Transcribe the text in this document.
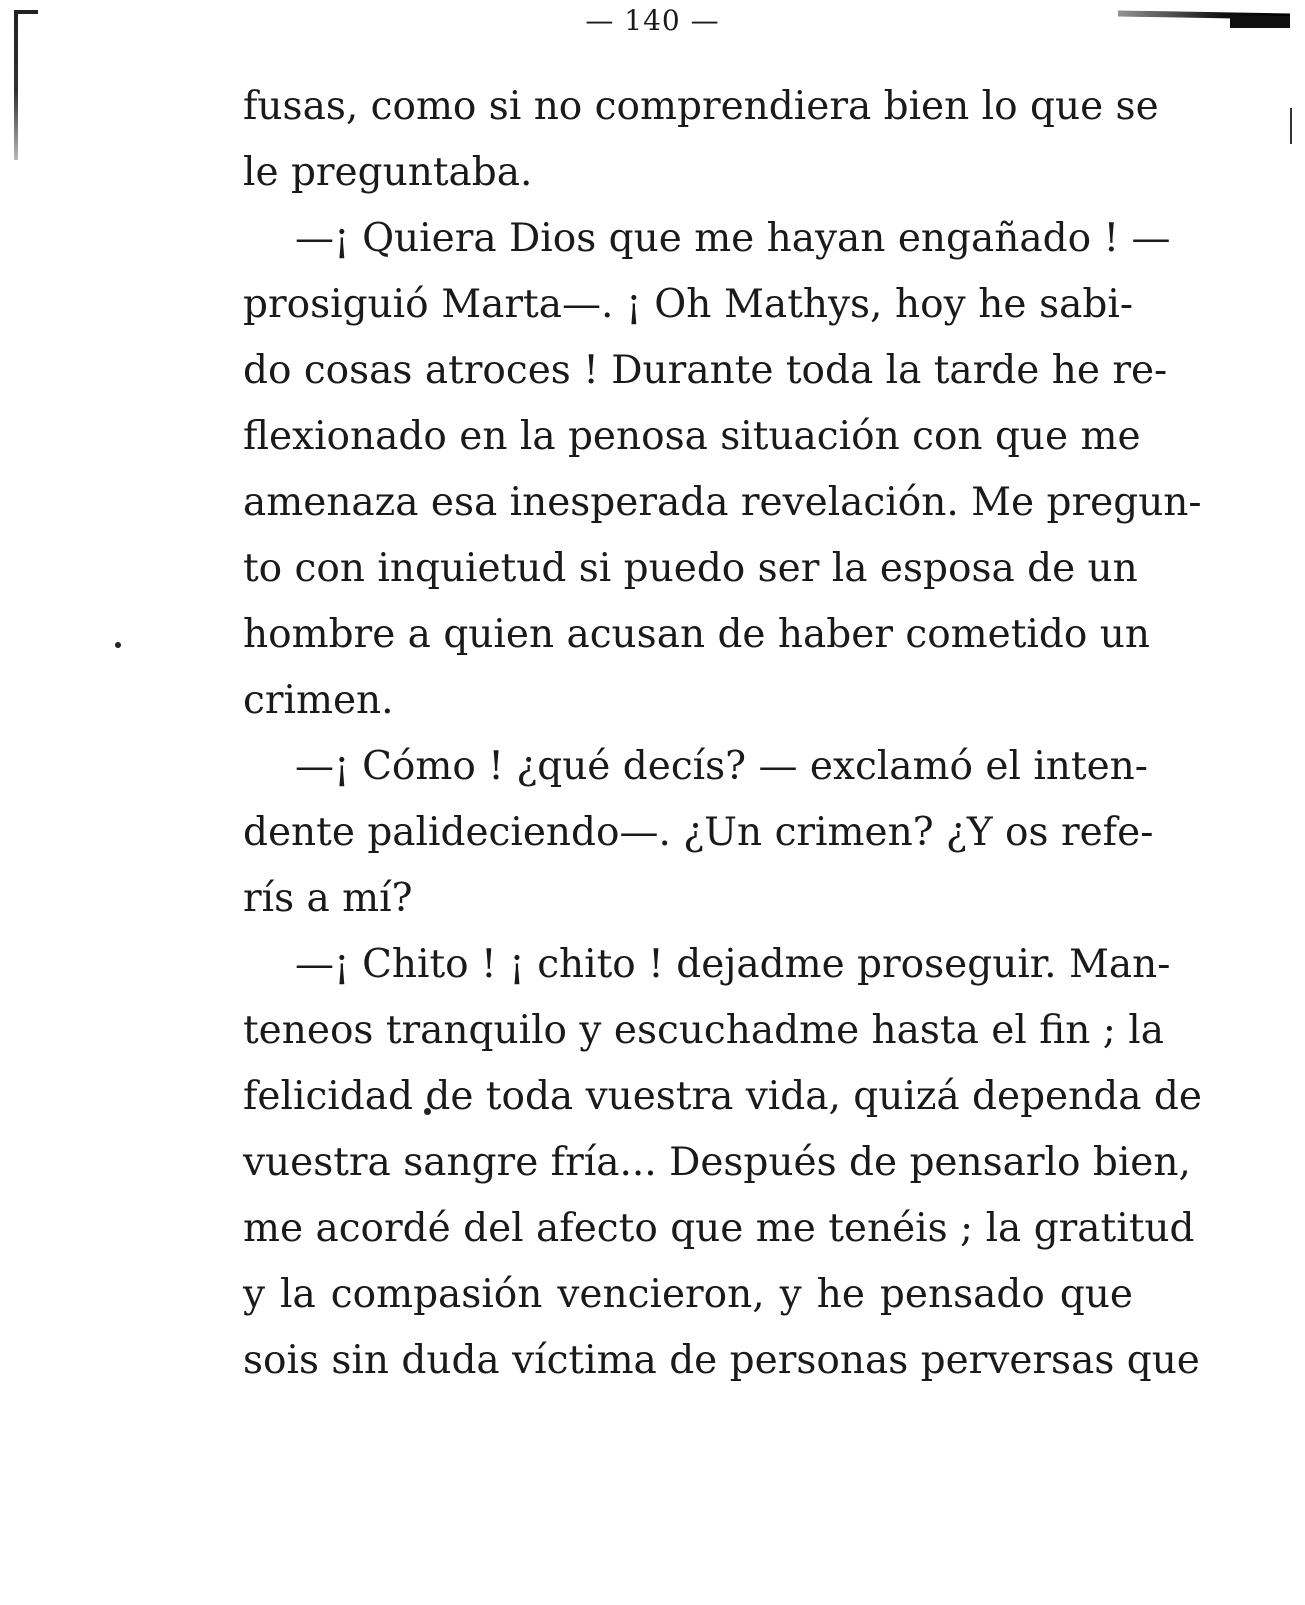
— 140 —
fusas, como si no comprendiera bien lo que se
le preguntaba.
—¡ Quiera Dios que me hayan engañado ! —
prosiguió Marta—. ¡ Oh Mathys, hoy he sabi-
do cosas atroces ! Durante toda la tarde he re-
flexionado en la penosa situación con que me
amenaza esa inesperada revelación. Me pregun-
to con inquietud si puedo ser la esposa de un
hombre a quien acusan de haber cometido un
crimen.
—¡ Cómo ! ¿qué decís? — exclamó el inten-
dente palideciendo—. ¿Un crimen? ¿Y os refe-
rís a mí?
—¡ Chito ! ¡ chito ! dejadme proseguir. Man-
teneos tranquilo y escuchadme hasta el fin ; la
felicidad de toda vuestra vida, quizá dependa de
vuestra sangre fría... Después de pensarlo bien,
me acordé del afecto que me tenéis ; la gratitud
y la compasión vencieron, y he pensado que
sois sin duda víctima de personas perversas que
